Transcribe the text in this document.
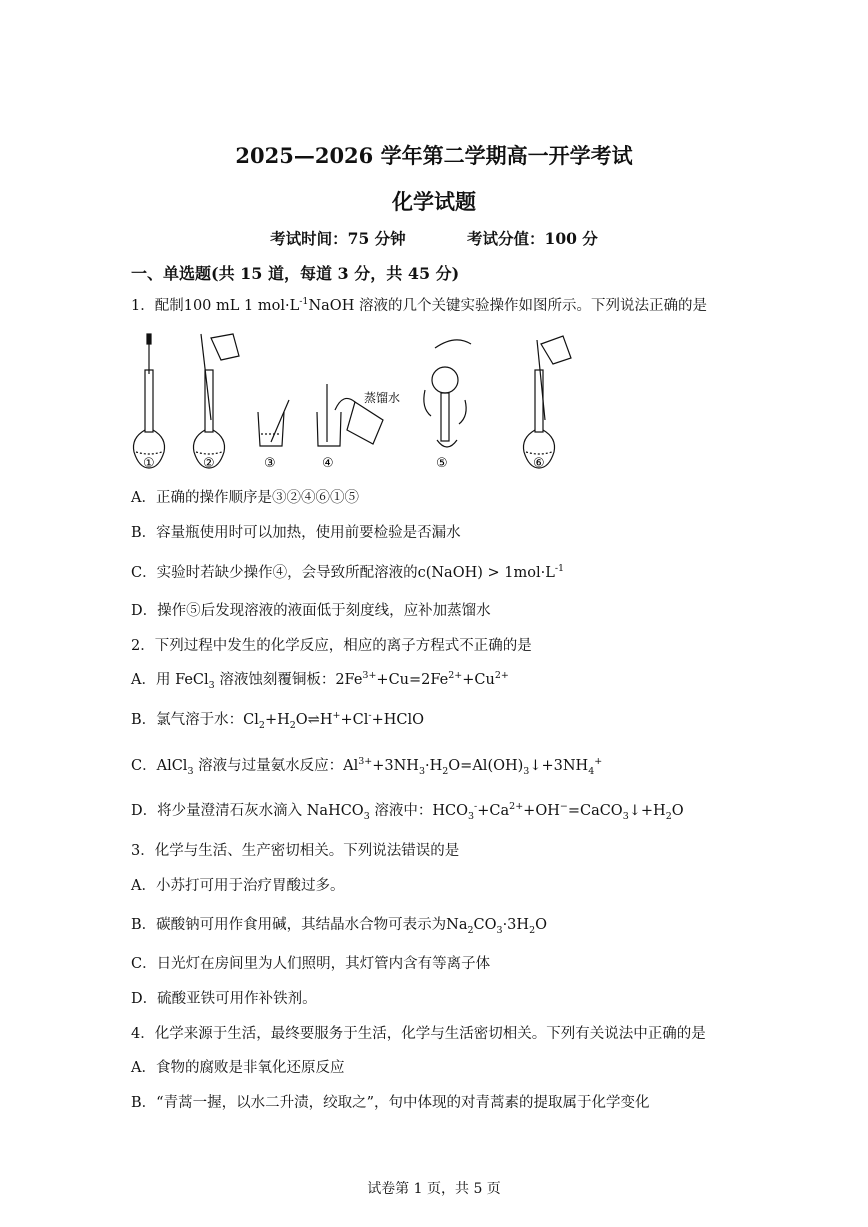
2025—2026 学年第二学期高一开学考试
化学试题
考试时间：75 分钟	考试分值：100 分
一、单选题(共 15 道，每道 3 分，共 45 分)
1．配制100 mL 1 $mol\cdot L^{-1}NaOH$ 溶液的几个关键实验操作如图所示。下列说法正确的是
蒸馏水
①	②	③	④	⑤	⑥
A．正确的操作顺序是③②④⑥①⑤
B．容量瓶使用时可以加热，使用前要检验是否漏水
C．实验时若缺少操作④，会导致所配溶液的c(NaOH) > $1mol\cdot L^{-1}$
D．操作⑤后发现溶液的液面低于刻度线，应补加蒸馏水
2．下列过程中发生的化学反应，相应的离子方程式不正确的是
A．用 FeCl$_3$ 溶液蚀刻覆铜板：$2Fe^{3+}+Cu=2Fe^{2+}+Cu^{2+}$
B．氯气溶于水：$Cl_2+H_2O\rightleftharpoons H^++Cl^-+HClO$
C．AlCl$_3$ 溶液与过量氨水反应：$Al^{3+}+3NH_3\cdot H_2O=Al(OH)_3↓+3NH_4^+$
D．将少量澄清石灰水滴入 NaHCO$_3$ 溶液中：$HCO_3^-+Ca^{2+}+OH^-=CaCO_3↓+H_2O$
3．化学与生活、生产密切相关。下列说法错误的是
A．小苏打可用于治疗胃酸过多。
B．碳酸钠可用作食用碱，其结晶水合物可表示为$Na_2CO_3\cdot 3H_2O$
C．日光灯在房间里为人们照明，其灯管内含有等离子体
D．硫酸亚铁可用作补铁剂。
4．化学来源于生活，最终要服务于生活，化学与生活密切相关。下列有关说法中正确的是
A．食物的腐败是非氧化还原反应
B．“青蒿一握，以水二升渍，绞取之”，句中体现的对青蒿素的提取属于化学变化
试卷第 1 页，共 5 页
